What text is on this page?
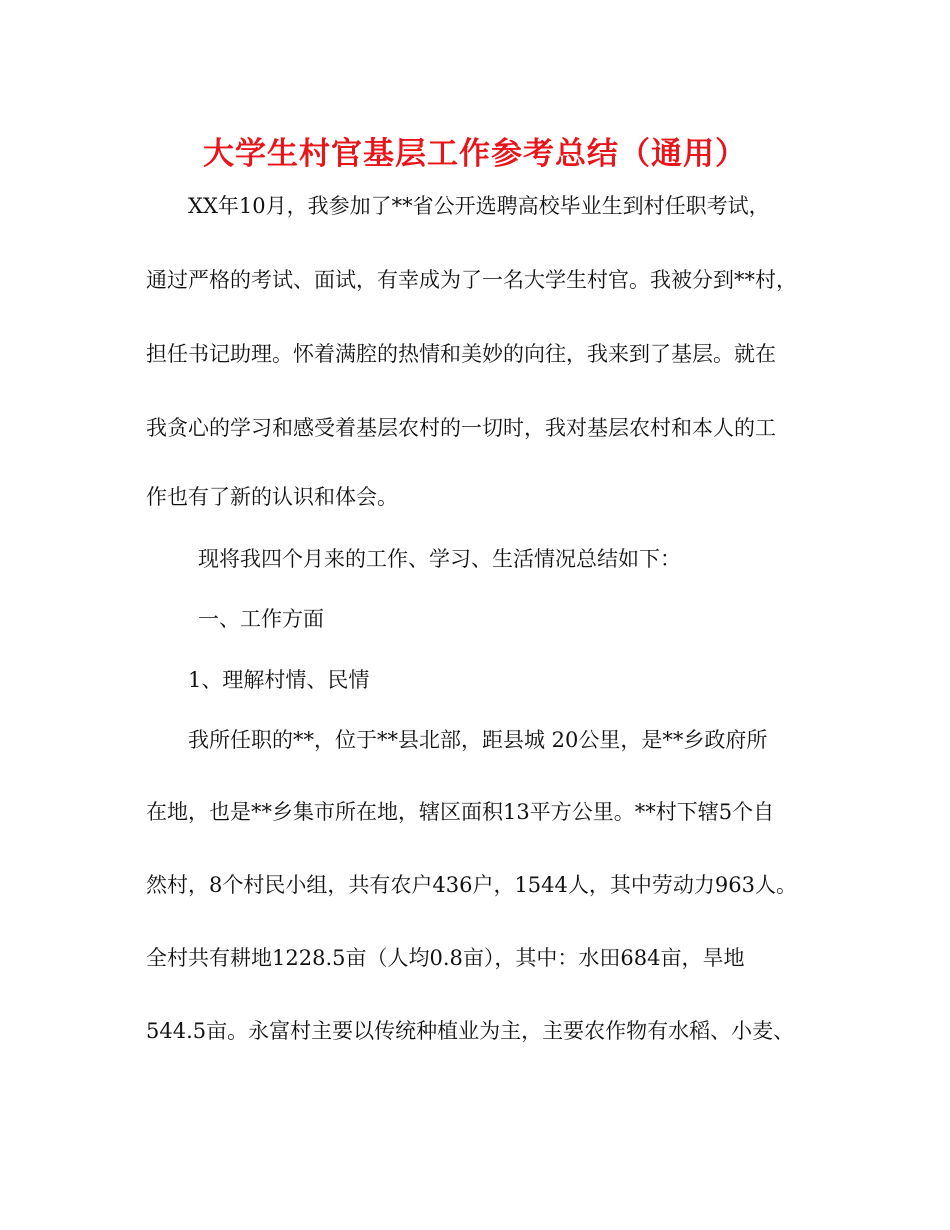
大学生村官基层工作参考总结（通用）

XX年10月，我参加了**省公开选聘高校毕业生到村任职考试，

通过严格的考试、面试，有幸成为了一名大学生村官。我被分到**村，

担任书记助理。怀着满腔的热情和美妙的向往，我来到了基层。就在

我贪心的学习和感受着基层农村的一切时，我对基层农村和本人的工

作也有了新的认识和体会。

现将我四个月来的工作、学习、生活情况总结如下：

一、工作方面

1、理解村情、民情

我所任职的**，位于**县北部，距县城 20公里，是**乡政府所

在地，也是**乡集市所在地，辖区面积13平方公里。**村下辖5个自

然村，8个村民小组，共有农户436户，1544人，其中劳动力963人。

全村共有耕地1228.5亩（人均0.8亩），其中：水田684亩，旱地

544.5亩。永富村主要以传统种植业为主，主要农作物有水稻、小麦、
